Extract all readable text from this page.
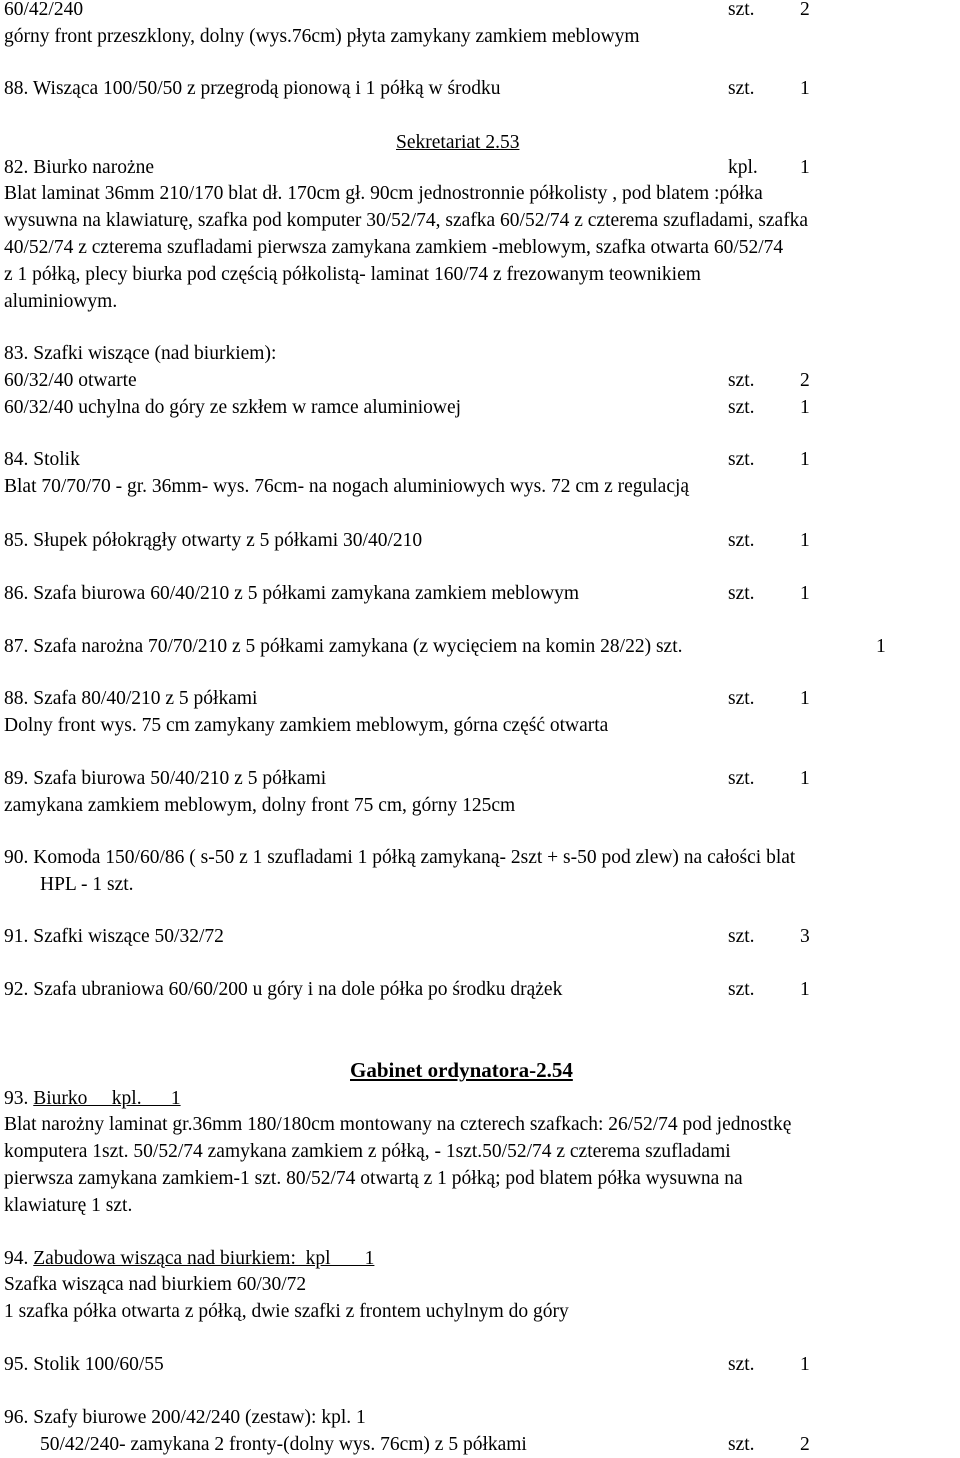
60/42/240	szt. 2
górny front przeszklony, dolny (wys.76cm) płyta zamykany zamkiem meblowym
88. Wisząca 100/50/50 z przegrodą pionową i 1 półką w środku	szt. 1
Sekretariat 2.53
82. Biurko narożne	kpl. 1
Blat laminat 36mm 210/170 blat dł. 170cm gł. 90cm jednostronnie półkolisty , pod blatem :półka
wysuwna na klawiaturę, szafka pod komputer 30/52/74, szafka 60/52/74 z czterema szufladami, szafka
40/52/74 z czterema szufladami pierwsza zamykana zamkiem -meblowym, szafka otwarta 60/52/74
z 1 półką, plecy biurka pod częścią półkolistą- laminat 160/74 z frezowanym teownikiem
aluminiowym.
83. Szafki wiszące (nad biurkiem):
60/32/40 otwarte	szt. 2
60/32/40 uchylna do góry ze szkłem w ramce aluminiowej	szt. 1
84. Stolik	szt. 1
Blat 70/70/70 - gr. 36mm- wys. 76cm- na nogach aluminiowych wys. 72 cm z regulacją
85. Słupek półokrągły otwarty z 5 półkami 30/40/210	szt. 1
86. Szafa biurowa 60/40/210 z 5 półkami zamykana zamkiem meblowym	szt. 1
87. Szafa narożna 70/70/210 z 5 półkami zamykana (z wycięciem na komin 28/22) szt.	1
88. Szafa 80/40/210 z 5 półkami	szt. 1
Dolny front wys. 75 cm zamykany zamkiem meblowym, górna część otwarta
89. Szafa biurowa 50/40/210 z 5 półkami	szt. 1
zamykana zamkiem meblowym, dolny front 75 cm, górny 125cm
90. Komoda 150/60/86 ( s-50 z 1 szufladami 1 półką zamykaną- 2szt + s-50 pod zlew) na całości blat
HPL - 1 szt.
91. Szafki wiszące 50/32/72	szt. 3
92. Szafa ubraniowa 60/60/200 u góry i na dole półka po środku drążek	szt. 1
Gabinet ordynatora-2.54
93. Biurko     kpl.      1
Blat narożny laminat gr.36mm 180/180cm montowany na czterech szafkach: 26/52/74 pod jednostkę
komputera 1szt. 50/52/74 zamykana zamkiem z półką, - 1szt.50/52/74 z czterema szufladami
pierwsza zamykana zamkiem-1 szt. 80/52/74 otwartą z 1 półką; pod blatem półka wysuwna na
klawiaturę 1 szt.
94. Zabudowa wisząca nad biurkiem:  kpl       1
Szafka wisząca nad biurkiem 60/30/72
1 szafka półka otwarta z półką, dwie szafki z frontem uchylnym do góry
95. Stolik 100/60/55	szt. 1
96. Szafy biurowe 200/42/240 (zestaw): kpl. 1
50/42/240- zamykana 2 fronty-(dolny wys. 76cm) z 5 półkami	szt. 2
